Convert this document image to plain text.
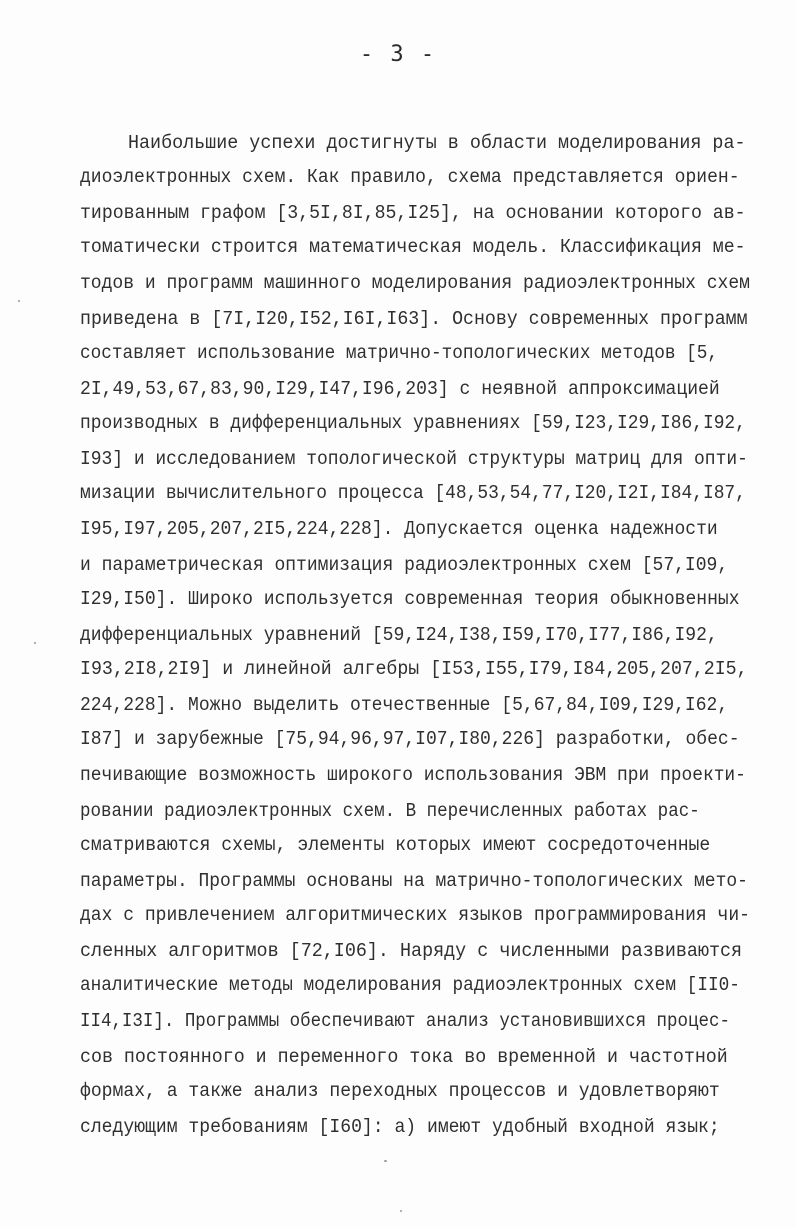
- 3 -
Наибольшие успехи достигнуты в области моделирования ра-
диоэлектронных схем. Как правило, схема представляется ориен-
тированным графом [3,5I,8I,85,I25], на основании которого ав-
томатически строится математическая модель. Классификация ме-
тодов и программ машинного моделирования радиоэлектронных схем
приведена в [7I,I20,I52,I6I,I63]. Основу современных программ
составляет использование матрично-топологических методов [5,
2I,49,53,67,83,90,I29,I47,I96,203] с неявной аппроксимацией
производных в дифференциальных уравнениях [59,I23,I29,I86,I92,
I93] и исследованием топологической структуры матриц для опти-
мизации вычислительного процесса [48,53,54,77,I20,I2I,I84,I87,
I95,I97,205,207,2I5,224,228]. Допускается оценка надежности
и параметрическая оптимизация радиоэлектронных схем [57,I09,
I29,I50]. Широко используется современная теория обыкновенных
дифференциальных уравнений [59,I24,I38,I59,I70,I77,I86,I92,
I93,2I8,2I9] и линейной алгебры [I53,I55,I79,I84,205,207,2I5,
224,228]. Можно выделить отечественные [5,67,84,I09,I29,I62,
I87] и зарубежные [75,94,96,97,I07,I80,226] разработки, обес-
печивающие возможность широкого использования ЭВМ при проекти-
ровании радиоэлектронных схем. В перечисленных работах рас-
сматриваются схемы, элементы которых имеют сосредоточенные
параметры. Программы основаны на матрично-топологических мето-
дах с привлечением алгоритмических языков программирования чи-
сленных алгоритмов [72,I06]. Наряду с численными развиваются
аналитические методы моделирования радиоэлектронных схем [II0-
II4,I3I]. Программы обеспечивают анализ установившихся процес-
сов постоянного и переменного тока во временной и частотной
формах, а также анализ переходных процессов и удовлетворяют
следующим требованиям [I60]: а) имеют удобный входной язык;
